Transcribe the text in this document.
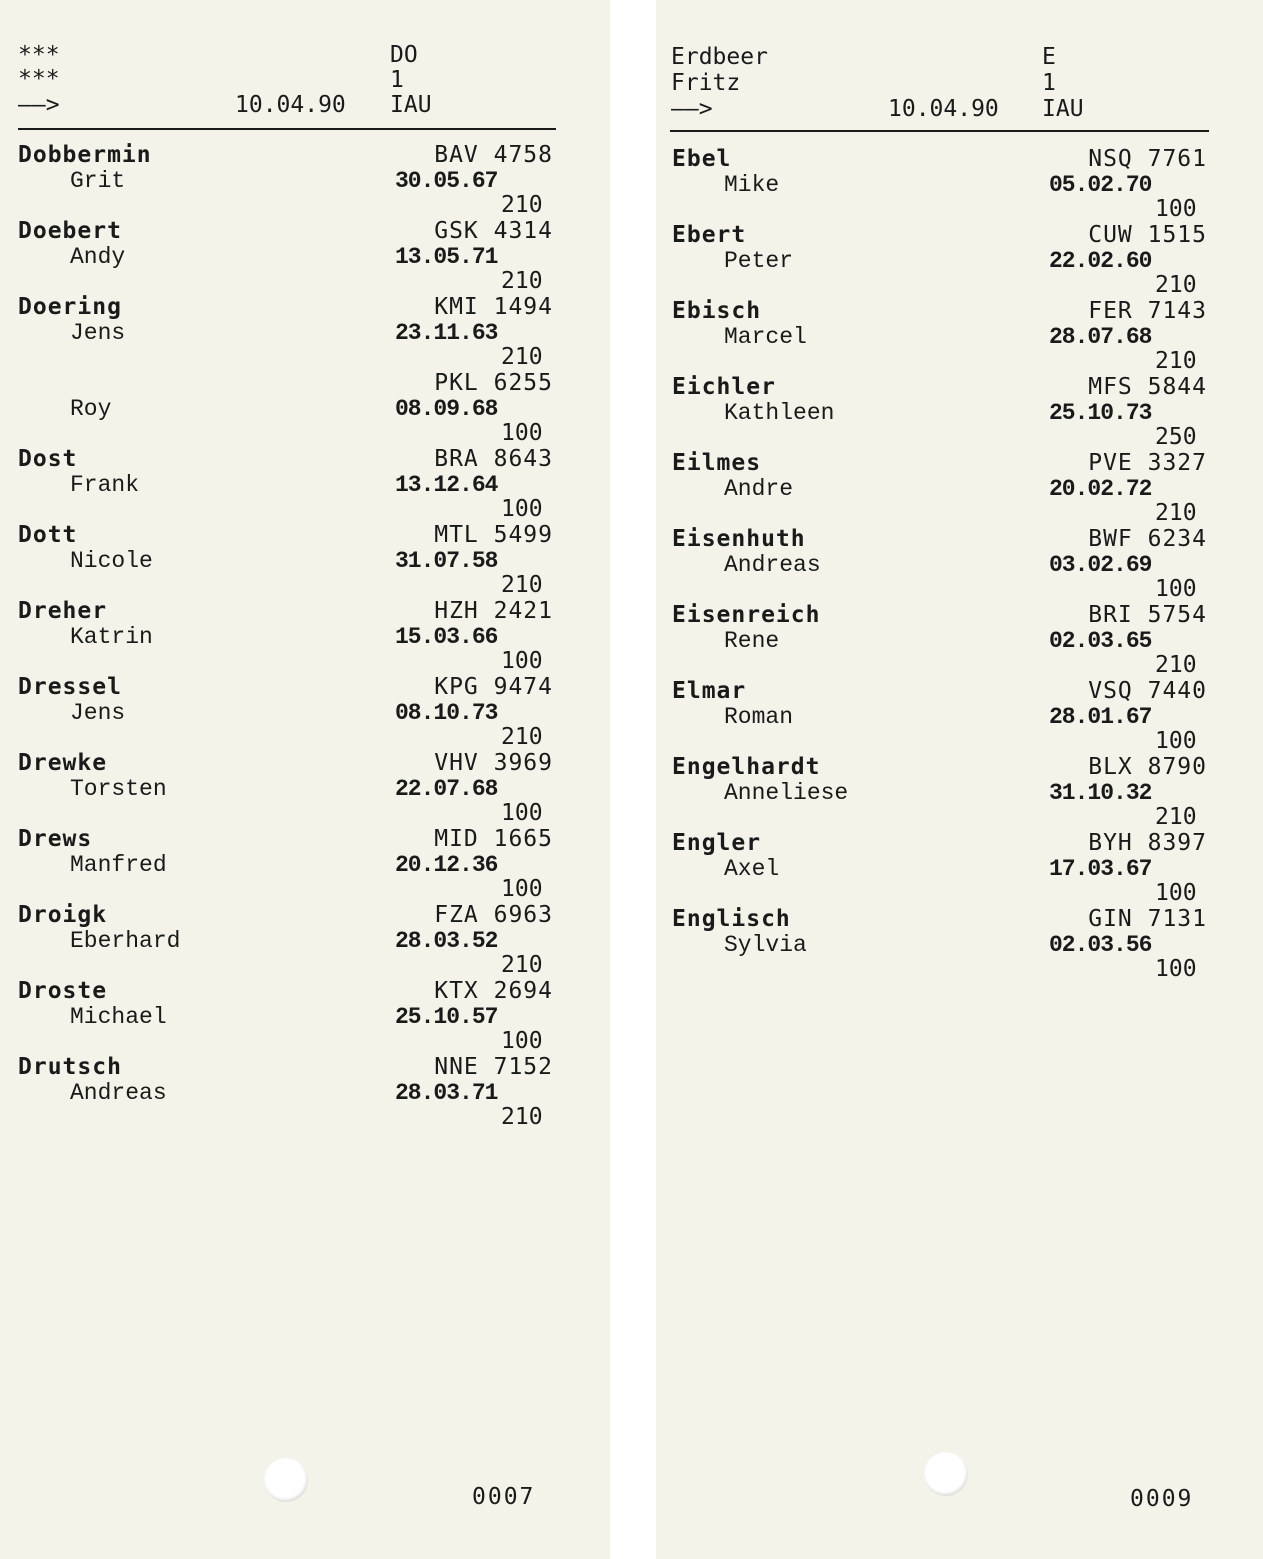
***
***
——>	10.04.90
DO
1
IAU
Dobbermin
Grit
BAV 4758
30.05.67
210
Doebert
Andy
GSK 4314
13.05.71
210
Doering
Jens
KMI 1494
23.11.63
210
Roy
PKL 6255
08.09.68
100
Dost
Frank
BRA 8643
13.12.64
100
Dott
Nicole
MTL 5499
31.07.58
210
Dreher
Katrin
HZH 2421
15.03.66
100
Dressel
Jens
KPG 9474
08.10.73
210
Drewke
Torsten
VHV 3969
22.07.68
100
Drews
Manfred
MID 1665
20.12.36
100
Droigk
Eberhard
FZA 6963
28.03.52
210
Droste
Michael
KTX 2694
25.10.57
100
Drutsch
Andreas
NNE 7152
28.03.71
210
0007
Erdbeer
Fritz
——>	10.04.90
E
1
IAU
Ebel
Mike
NSQ 7761
05.02.70
100
Ebert
Peter
CUW 1515
22.02.60
210
Ebisch
Marcel
FER 7143
28.07.68
210
Eichler
Kathleen
MFS 5844
25.10.73
250
Eilmes
Andre
PVE 3327
20.02.72
210
Eisenhuth
Andreas
BWF 6234
03.02.69
100
Eisenreich
Rene
BRI 5754
02.03.65
210
Elmar
Roman
VSQ 7440
28.01.67
100
Engelhardt
Anneliese
BLX 8790
31.10.32
210
Engler
Axel
BYH 8397
17.03.67
100
Englisch
Sylvia
GIN 7131
02.03.56
100
0009
